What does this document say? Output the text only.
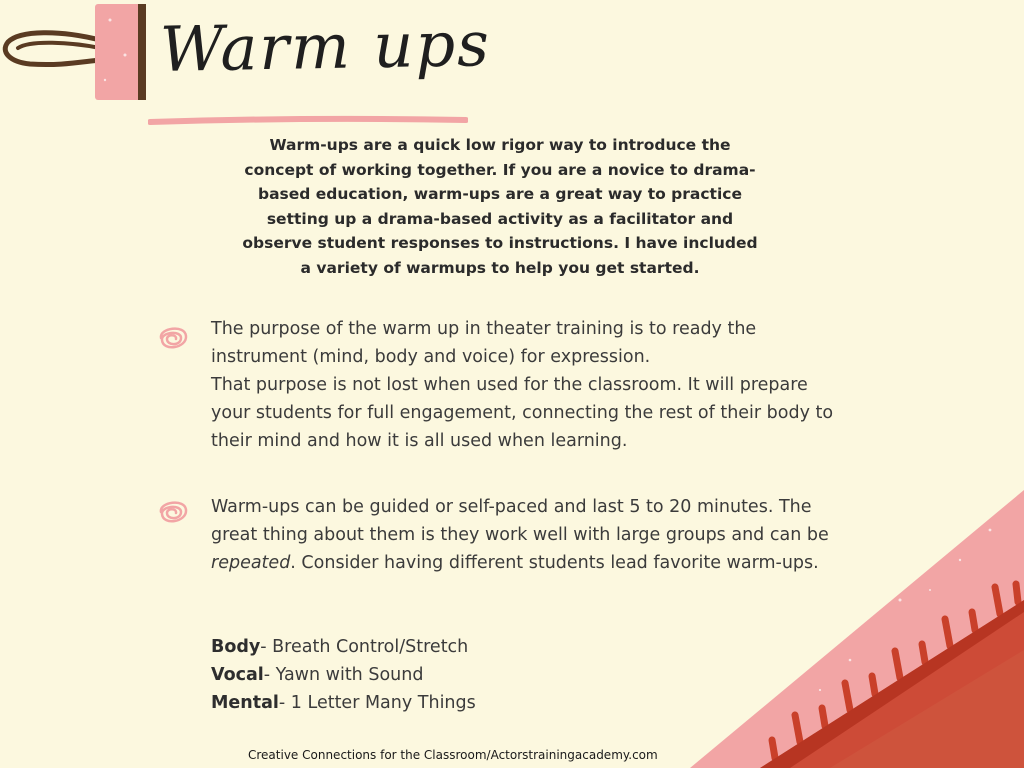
Warm ups
Warm-ups are a quick low rigor way to introduce the concept of working together. If you are a novice to drama-based education, warm-ups are a great way to practice setting up a drama-based activity as a facilitator and observe student responses to instructions. I have included a variety of warmups to help you get started.

The purpose of the warm up in theater training is to ready the instrument (mind, body and voice) for expression.

That purpose is not lost when used for the classroom. It will prepare your students for full engagement, connecting the rest of their body to their mind and how it is all used when learning.

Warm-ups can be guided or self-paced and last 5 to 20 minutes. The great thing about them is they work well with large groups and can be repeated. Consider having different students lead favorite warm-ups.

Body- Breath Control/Stretch
Vocal- Yawn with Sound
Mental- 1 Letter Many Things
Creative Connections for the Classroom/Actorstrainingacademy.com
